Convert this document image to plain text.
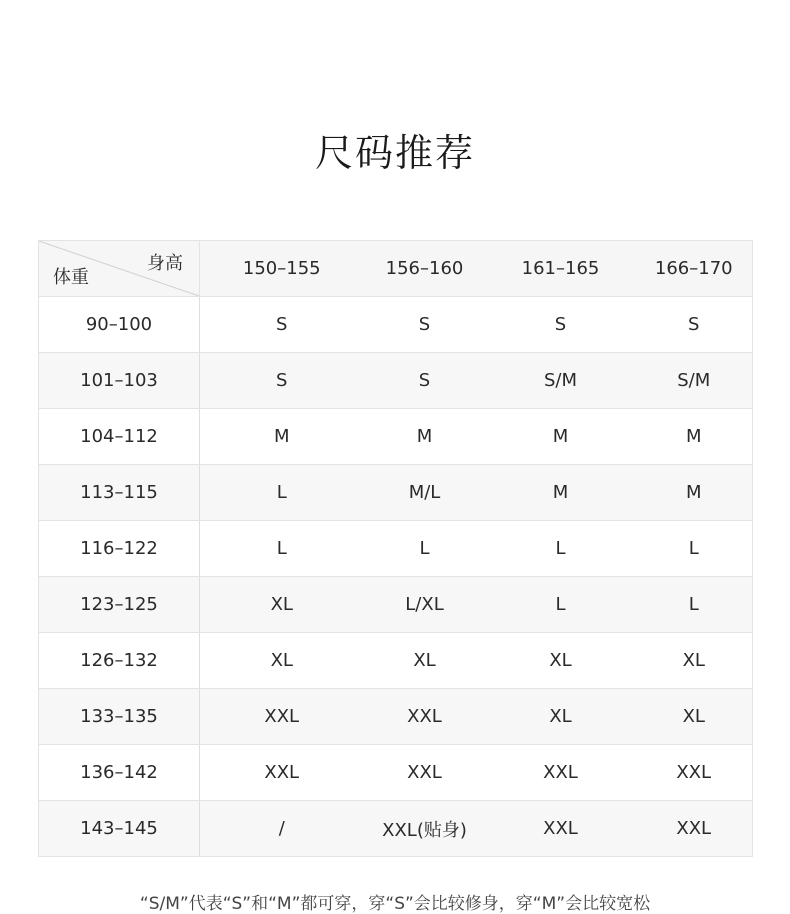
尺码推荐
身高
体重	150–155	156–160	161–165	166–170
90–100	S	S	S	S
101–103	S	S	S/M	S/M
104–112	M	M	M	M
113–115	L	M/L	M	M
116–122	L	L	L	L
123–125	XL	L/XL	L	L
126–132	XL	XL	XL	XL
133–135	XXL	XXL	XL	XL
136–142	XXL	XXL	XXL	XXL
143–145	/	XXL(贴身)	XXL	XXL
“S/M”代表“S”和“M”都可穿，穿“S”会比较修身，穿“M”会比较宽松
